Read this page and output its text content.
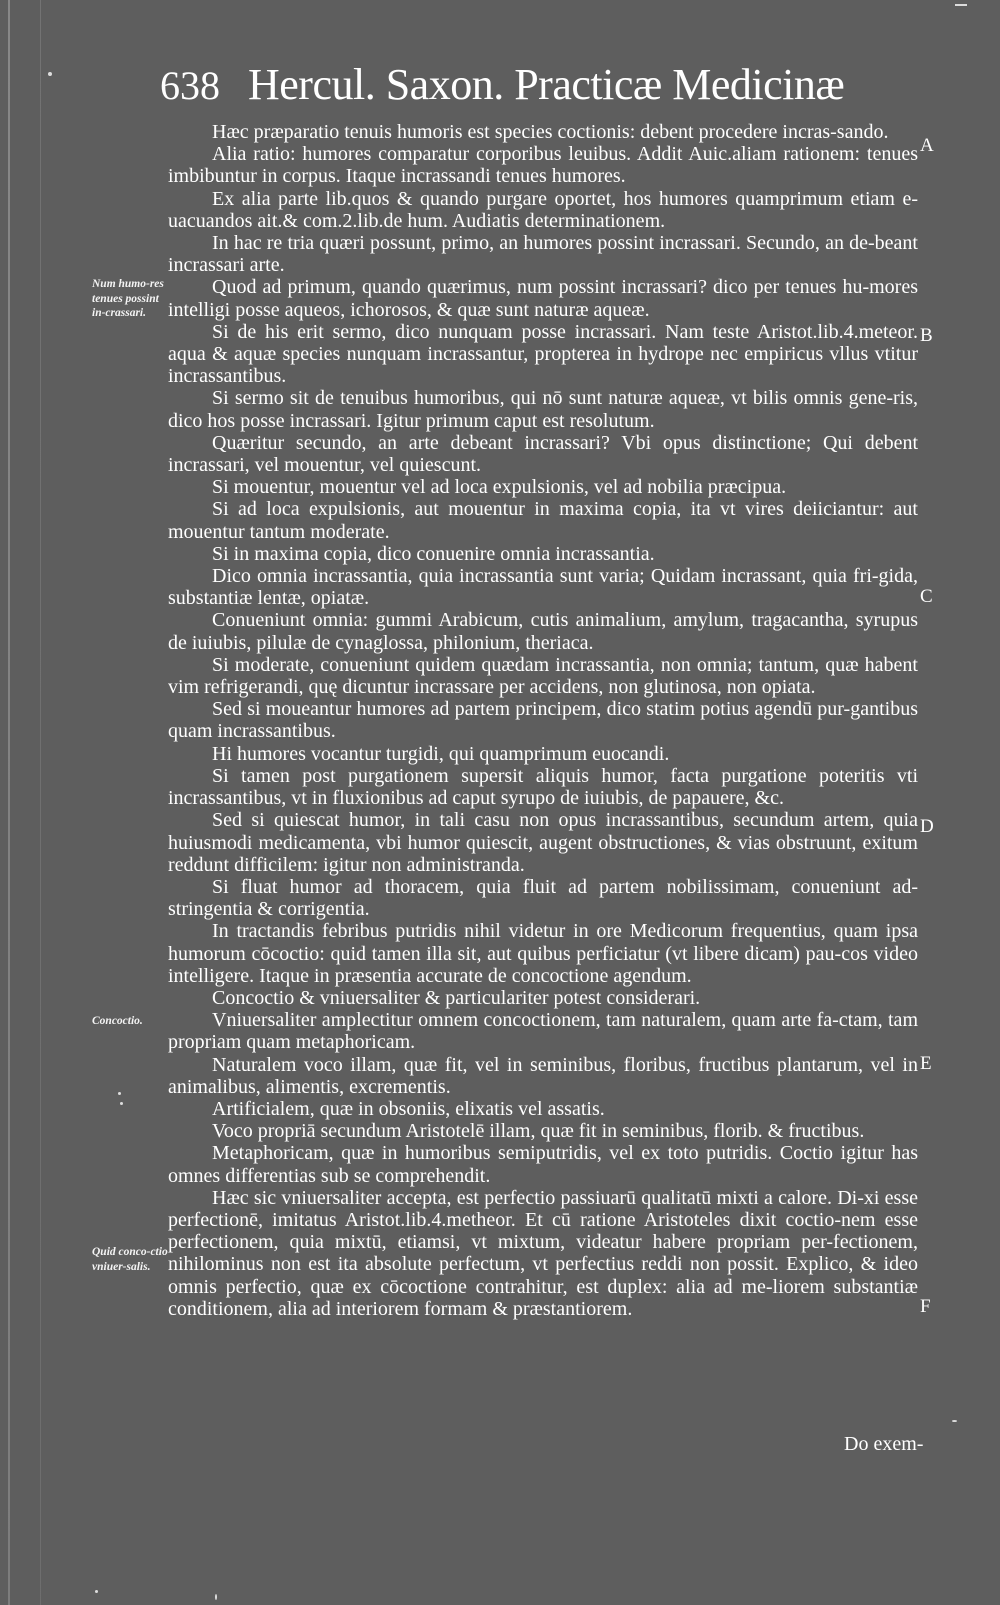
638 Hercul. Saxon. Practicæ Medicinæ

Hæc præparatio tenuis humoris est species coctionis: debent procedere incras-sando.

Alia ratio: humores comparatur corporibus leuibus. Addit Auic.aliam rationem: tenues imbibuntur in corpus. Itaque incrassandi tenues humores.

Ex alia parte lib.quos & quando purgare oportet, hos humores quamprimum etiam e-uacuandos ait.& com.2.lib.de hum. Audiatis determinationem.

In hac re tria quæri possunt, primo, an humores possint incrassari. Secundo, an de-beant incrassari arte.

Quod ad primum, quando quærimus, num possint incrassari? dico per tenues hu-mores intelligi posse aqueos, ichorosos, & quæ sunt naturæ aqueæ.

Si de his erit sermo, dico nunquam posse incrassari. Nam teste Aristot.lib.4.meteor. aqua & aquæ species nunquam incrassantur, propterea in hydrope nec empiricus vllus vtitur incrassantibus.

Si sermo sit de tenuibus humoribus, qui nō sunt naturæ aqueæ, vt bilis omnis gene-ris, dico hos posse incrassari. Igitur primum caput est resolutum.

Quæritur secundo, an arte debeant incrassari? Vbi opus distinctione; Qui debent incrassari, vel mouentur, vel quiescunt.

Si mouentur, mouentur vel ad loca expulsionis, vel ad nobilia præcipua.

Si ad loca expulsionis, aut mouentur in maxima copia, ita vt vires deiiciantur: aut mouentur tantum moderate.

Si in maxima copia, dico conuenire omnia incrassantia.

Dico omnia incrassantia, quia incrassantia sunt varia; Quidam incrassant, quia fri-gida, substantiæ lentæ, opiatæ.

Conueniunt omnia: gummi Arabicum, cutis animalium, amylum, tragacantha, syrupus de iuiubis, pilulæ de cynaglossa, philonium, theriaca.

Si moderate, conueniunt quidem quædam incrassantia, non omnia; tantum, quæ habent vim refrigerandi, quę dicuntur incrassare per accidens, non glutinosa, non opiata.

Sed si moueantur humores ad partem principem, dico statim potius agendū pur-gantibus quam incrassantibus.

Hi humores vocantur turgidi, qui quamprimum euocandi.

Si tamen post purgationem supersit aliquis humor, facta purgatione poteritis vti incrassantibus, vt in fluxionibus ad caput syrupo de iuiubis, de papauere, &c.

Sed si quiescat humor, in tali casu non opus incrassantibus, secundum artem, quia huiusmodi medicamenta, vbi humor quiescit, augent obstructiones, & vias obstruunt, exitum reddunt difficilem: igitur non administranda.

Si fluat humor ad thoracem, quia fluit ad partem nobilissimam, conueniunt ad-stringentia & corrigentia.

In tractandis febribus putridis nihil videtur in ore Medicorum frequentius, quam ipsa humorum cōcoctio: quid tamen illa sit, aut quibus perficiatur (vt libere dicam) pau-cos video intelligere. Itaque in præsentia accurate de concoctione agendum.

Concoctio & vniuersaliter & particulariter potest considerari.

Vniuersaliter amplectitur omnem concoctionem, tam naturalem, quam arte fa-ctam, tam propriam quam metaphoricam.

Naturalem voco illam, quæ fit, vel in seminibus, floribus, fructibus plantarum, vel in animalibus, alimentis, excrementis.

Artificialem, quæ in obsoniis, elixatis vel assatis.

Voco propriā secundum Aristotelē illam, quæ fit in seminibus, florib. & fructibus.

Metaphoricam, quæ in humoribus semiputridis, vel ex toto putridis. Coctio igitur has omnes differentias sub se comprehendit.

Hæc sic vniuersaliter accepta, est perfectio passiuarū qualitatū mixti a calore. Di-xi esse perfectionē, imitatus Aristot.lib.4.metheor. Et cū ratione Aristoteles dixit coctio-nem esse perfectionem, quia mixtū, etiamsi, vt mixtum, videatur habere propriam per-fectionem, nihilominus non est ita absolute perfectum, vt perfectius reddi non possit. Explico, & ideo omnis perfectio, quæ ex cōcoctione contrahitur, est duplex: alia ad me-liorem substantiæ conditionem, alia ad interiorem formam & præstantiorem.

Do exem-
Num humo-res tenues possint in-crassari.
Concoctio.
Quid conco-ctio vniuer-salis.
A
B
C
D
E
F
